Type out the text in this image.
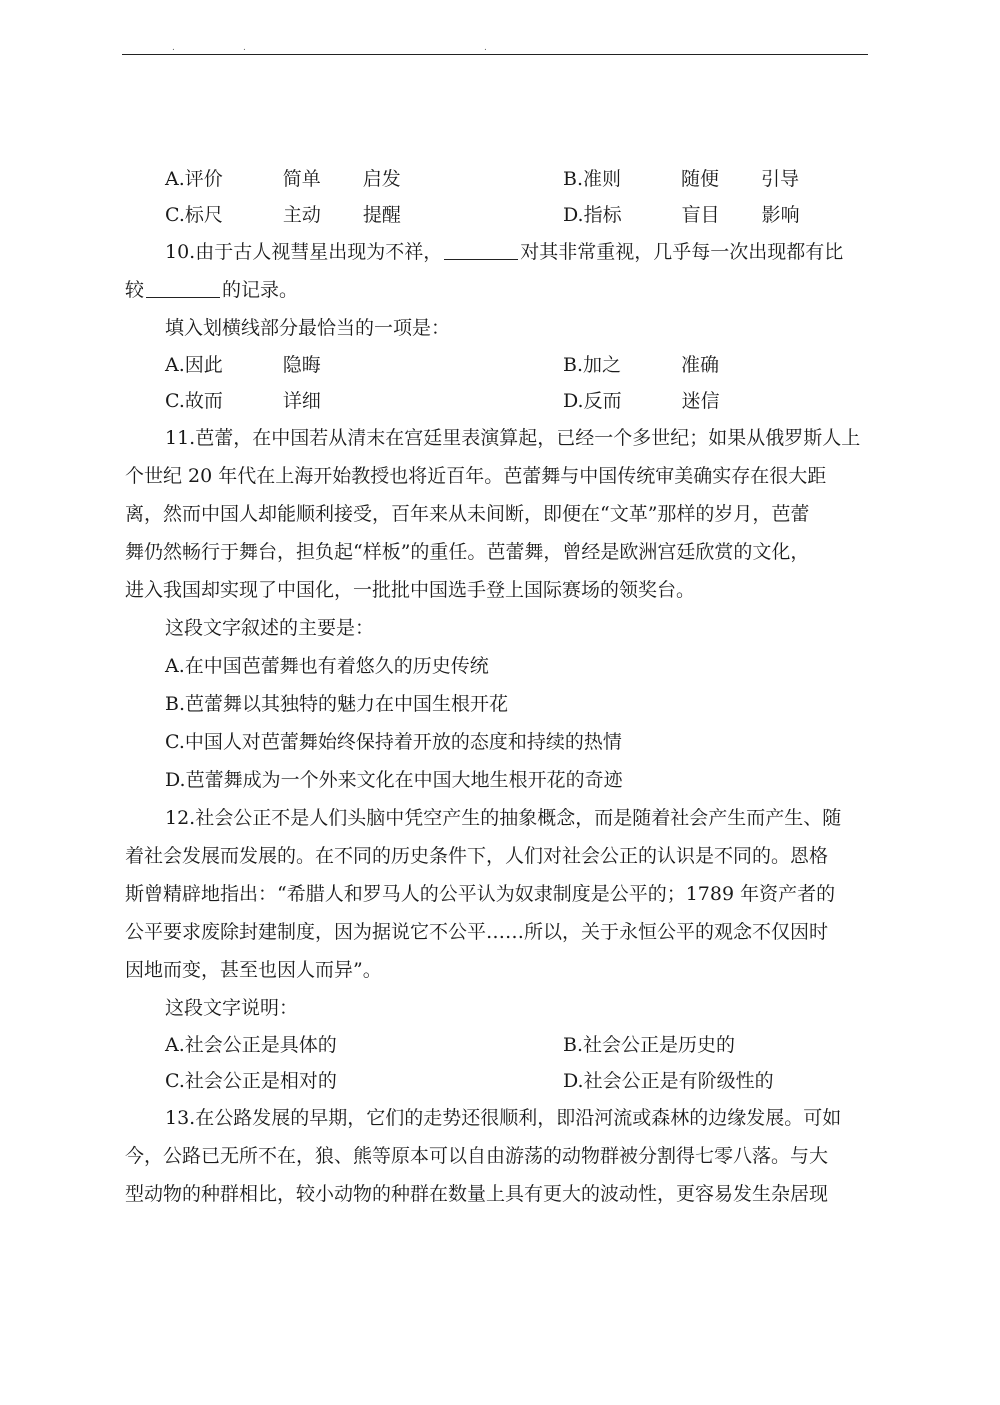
.	.	.
A.评价	简单 启发	B.准则	随便 引导
C.标尺	主动 提醒	D.指标	盲目 影响
10.由于古人视彗星出现为不祥，	对其非常重视，几乎每一次出现都有比
较	的记录。
填入划横线部分最恰当的一项是：
A.因此	隐晦	B.加之	准确
C.故而	详细	D.反而	迷信
11.芭蕾，在中国若从清末在宫廷里表演算起，已经一个多世纪；如果从俄罗斯人上
个世纪 20 年代在上海开始教授也将近百年。芭蕾舞与中国传统审美确实存在很大距
离，然而中国人却能顺利接受，百年来从未间断，即便在“文革”那样的岁月，芭蕾
舞仍然畅行于舞台，担负起“样板”的重任。芭蕾舞，曾经是欧洲宫廷欣赏的文化，
进入我国却实现了中国化，一批批中国选手登上国际赛场的领奖台。
这段文字叙述的主要是：
A.在中国芭蕾舞也有着悠久的历史传统
B.芭蕾舞以其独特的魅力在中国生根开花
C.中国人对芭蕾舞始终保持着开放的态度和持续的热情
D.芭蕾舞成为一个外来文化在中国大地生根开花的奇迹
12.社会公正不是人们头脑中凭空产生的抽象概念，而是随着社会产生而产生、随
着社会发展而发展的。在不同的历史条件下，人们对社会公正的认识是不同的。恩格
斯曾精辟地指出：“希腊人和罗马人的公平认为奴隶制度是公平的；1789 年资产者的
公平要求废除封建制度，因为据说它不公平……所以，关于永恒公平的观念不仅因时
因地而变，甚至也因人而异”。
这段文字说明：
A.社会公正是具体的	B.社会公正是历史的
C.社会公正是相对的	D.社会公正是有阶级性的
13.在公路发展的早期，它们的走势还很顺利，即沿河流或森林的边缘发展。可如
今，公路已无所不在，狼、熊等原本可以自由游荡的动物群被分割得七零八落。与大
型动物的种群相比，较小动物的种群在数量上具有更大的波动性，更容易发生杂居现
